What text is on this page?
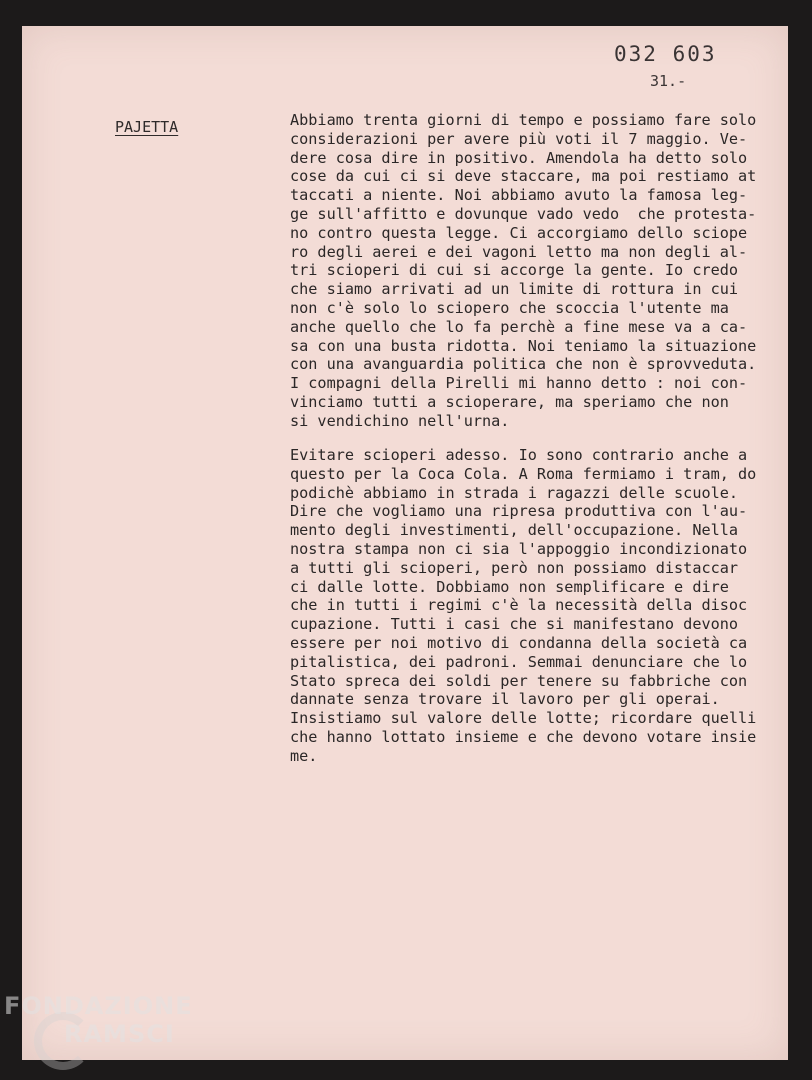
032 603
31.-
PAJETTA	Abbiamo trenta giorni di tempo e possiamo fare solo
considerazioni per avere più voti il 7 maggio. Ve-
dere cosa dire in positivo. Amendola ha detto solo
cose da cui ci si deve staccare, ma poi restiamo at
taccati a niente. Noi abbiamo avuto la famosa leg-
ge sull'affitto e dovunque vado vedo  che protesta-
no contro questa legge. Ci accorgiamo dello sciope
ro degli aerei e dei vagoni letto ma non degli al-
tri scioperi di cui si accorge la gente. Io credo
che siamo arrivati ad un limite di rottura in cui
non c'è solo lo sciopero che scoccia l'utente ma
anche quello che lo fa perchè a fine mese va a ca-
sa con una busta ridotta. Noi teniamo la situazione
con una avanguardia politica che non è sprovveduta.
I compagni della Pirelli mi hanno detto : noi con-
vinciamo tutti a scioperare, ma speriamo che non
si vendichino nell'urna.

Evitare scioperi adesso. Io sono contrario anche a
questo per la Coca Cola. A Roma fermiamo i tram, do
podichè abbiamo in strada i ragazzi delle scuole.
Dire che vogliamo una ripresa produttiva con l'au-
mento degli investimenti, dell'occupazione. Nella
nostra stampa non ci sia l'appoggio incondizionato
a tutti gli scioperi, però non possiamo distaccar
ci dalle lotte. Dobbiamo non semplificare e dire
che in tutti i regimi c'è la necessità della disoc
cupazione. Tutti i casi che si manifestano devono
essere per noi motivo di condanna della società ca
pitalistica, dei padroni. Semmai denunciare che lo
Stato spreca dei soldi per tenere su fabbriche con
dannate senza trovare il lavoro per gli operai.
Insistiamo sul valore delle lotte; ricordare quelli
che hanno lottato insieme e che devono votare insie
me.

FONDAZIONE
RAMSCI
